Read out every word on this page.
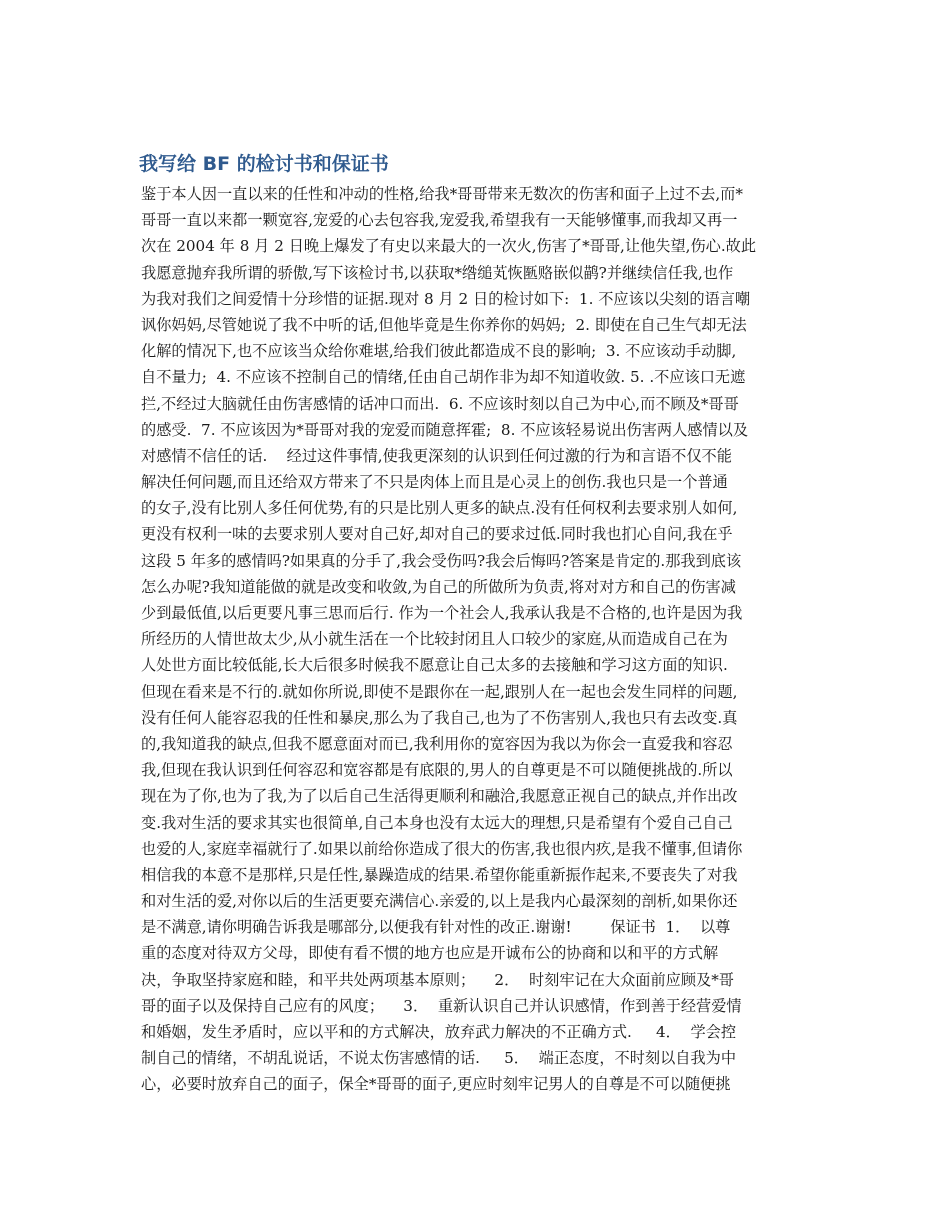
我写给 BF 的检讨书和保证书
鉴于本人因一直以来的任性和冲动的性格,给我*哥哥带来无数次的伤害和面子上过不去,而*
哥哥一直以来都一颗宽容,宠爱的心去包容我,宠爱我,希望我有一天能够懂事,而我却又再一
次在 2004 年 8 月 2 日晚上爆发了有史以来最大的一次火,伤害了*哥哥,让他失望,伤心.故此
我愿意抛弃我所谓的骄傲,写下该检讨书,以获取*绺缒芄恢匦赂嵌似鹋?并继续信任我,也作
为我对我们之间爱情十分珍惜的证据.现对 8 月 2 日的检讨如下:  1. 不应该以尖刻的语言嘲
讽你妈妈,尽管她说了我不中听的话,但他毕竟是生你养你的妈妈;  2. 即使在自己生气却无法
化解的情况下,也不应该当众给你难堪,给我们彼此都造成不良的影响;  3. 不应该动手动脚,
自不量力;  4. 不应该不控制自己的情绪,任由自己胡作非为却不知道收敛. 5. .不应该口无遮
拦,不经过大脑就任由伤害感情的话冲口而出.  6. 不应该时刻以自己为中心,而不顾及*哥哥
的感受.  7. 不应该因为*哥哥对我的宠爱而随意挥霍;  8. 不应该轻易说出伤害两人感情以及
对感情不信任的话.    经过这件事情,使我更深刻的认识到任何过激的行为和言语不仅不能
解决任何问题,而且还给双方带来了不只是肉体上而且是心灵上的创伤.我也只是一个普通
的女子,没有比别人多任何优势,有的只是比别人更多的缺点.没有任何权利去要求别人如何,
更没有权利一味的去要求别人要对自己好,却对自己的要求过低.同时我也扪心自问,我在乎
这段 5 年多的感情吗?如果真的分手了,我会受伤吗?我会后悔吗?答案是肯定的.那我到底该
怎么办呢?我知道能做的就是改变和收敛,为自己的所做所为负责,将对对方和自己的伤害减
少到最低值,以后更要凡事三思而后行. 作为一个社会人,我承认我是不合格的,也许是因为我
所经历的人情世故太少,从小就生活在一个比较封闭且人口较少的家庭,从而造成自己在为
人处世方面比较低能,长大后很多时候我不愿意让自己太多的去接触和学习这方面的知识.
但现在看来是不行的.就如你所说,即使不是跟你在一起,跟别人在一起也会发生同样的问题,
没有任何人能容忍我的任性和暴戾,那么为了我自己,也为了不伤害别人,我也只有去改变.真
的,我知道我的缺点,但我不愿意面对而已,我利用你的宽容因为我以为你会一直爱我和容忍
我,但现在我认识到任何容忍和宽容都是有底限的,男人的自尊更是不可以随便挑战的.所以
现在为了你,也为了我,为了以后自己生活得更顺利和融洽,我愿意正视自己的缺点,并作出改
变.我对生活的要求其实也很简单,自己本身也没有太远大的理想,只是希望有个爱自己自己
也爱的人,家庭幸福就行了.如果以前给你造成了很大的伤害,我也很内疚,是我不懂事,但请你
相信我的本意不是那样,只是任性,暴躁造成的结果.希望你能重新振作起来,不要丧失了对我
和对生活的爱,对你以后的生活更要充满信心.亲爱的,以上是我内心最深刻的剖析,如果你还
是不满意,请你明确告诉我是哪部分,以便我有针对性的改正.谢谢!        保证书  1．  以尊
重的态度对待双方父母，即使有看不惯的地方也应是开诚布公的协商和以和平的方式解
决，争取坚持家庭和睦，和平共处两项基本原则；    2．  时刻牢记在大众面前应顾及*哥
哥的面子以及保持自己应有的风度；    3．  重新认识自己并认识感情，作到善于经营爱情
和婚姻，发生矛盾时，应以平和的方式解决，放弃武力解决的不正确方式.     4．  学会控
制自己的情绪，不胡乱说话，不说太伤害感情的话.     5．  端正态度，不时刻以自我为中
心，必要时放弃自己的面子，保全*哥哥的面子,更应时刻牢记男人的自尊是不可以随便挑
